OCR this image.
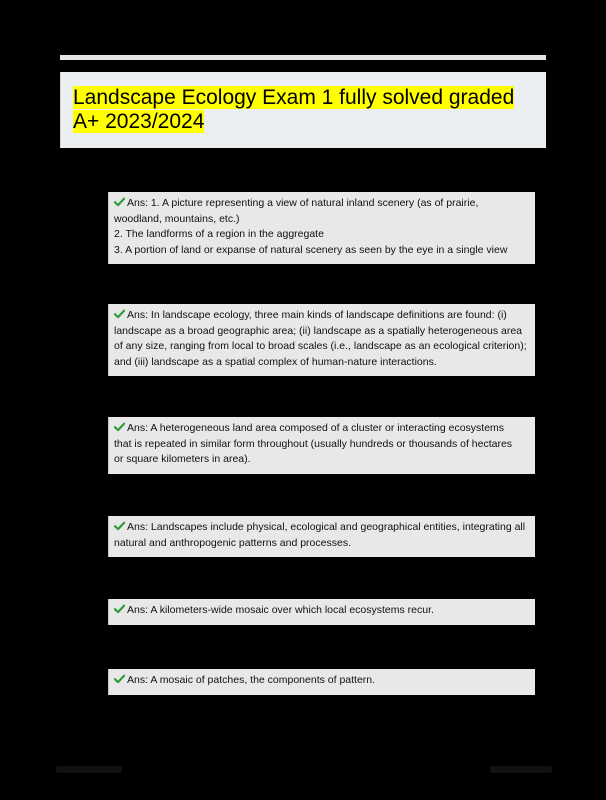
Landscape Ecology Exam 1 fully solved graded A+ 2023/2024
Ans: 1. A picture representing a view of natural inland scenery (as of prairie,
woodland, mountains, etc.)
2. The landforms of a region in the aggregate
3. A portion of land or expanse of natural scenery as seen by the eye in a single view
Ans: In landscape ecology, three main kinds of landscape definitions are found: (i)
landscape as a broad geographic area; (ii) landscape as a spatially heterogeneous area
of any size, ranging from local to broad scales (i.e., landscape as an ecological criterion);
and (iii) landscape as a spatial complex of human-nature interactions.
Ans: A heterogeneous land area composed of a cluster or interacting ecosystems
that is repeated in similar form throughout (usually hundreds or thousands of hectares
or square kilometers in area).
Ans: Landscapes include physical, ecological and geographical entities, integrating all
natural and anthropogenic patterns and processes.
Ans: A kilometers-wide mosaic over which local ecosystems recur.
Ans: A mosaic of patches, the components of pattern.
